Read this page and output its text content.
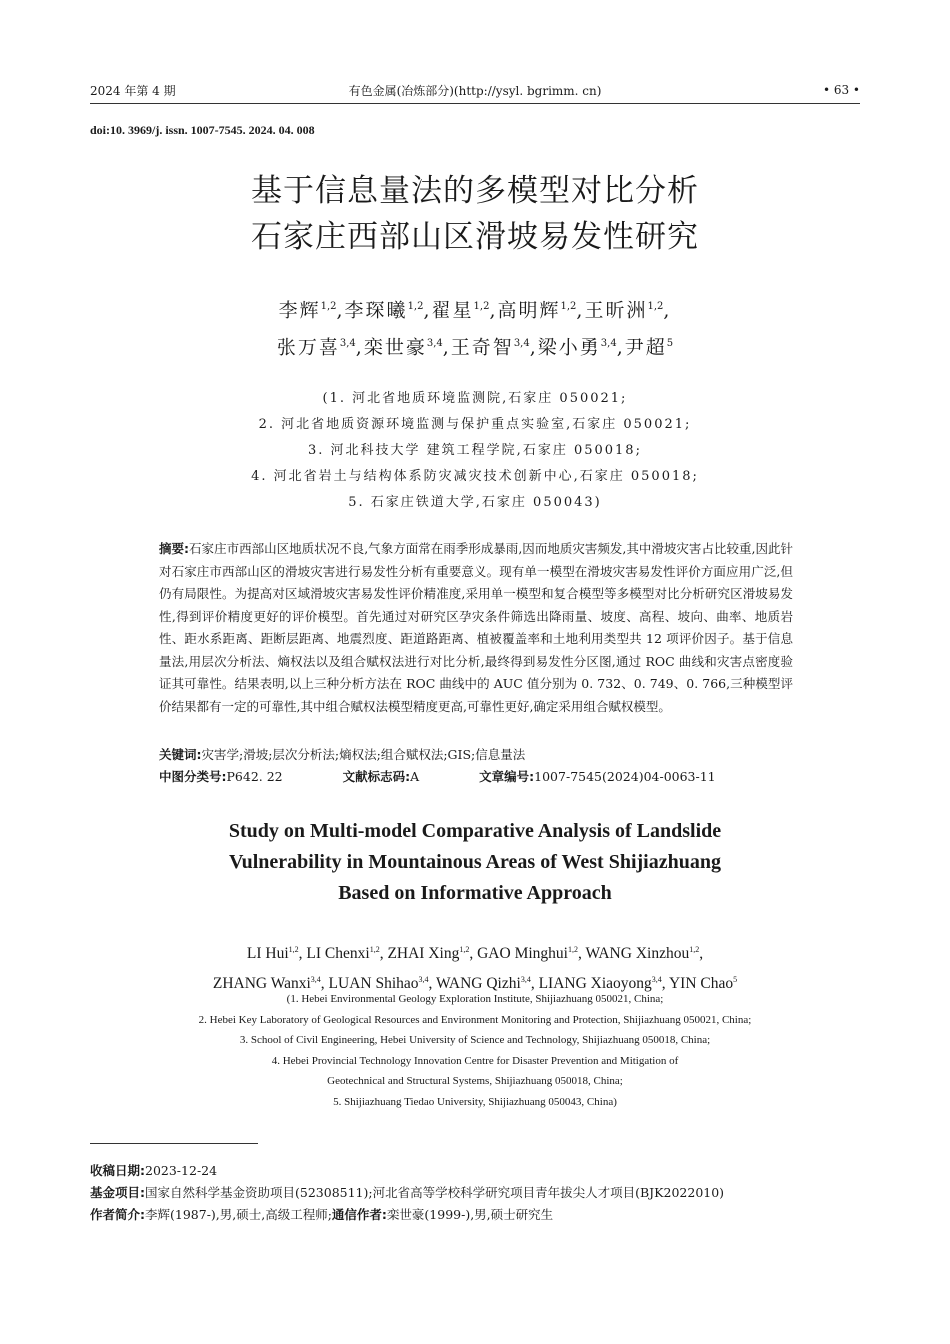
2024 年第 4 期	有色金属(冶炼部分)(http://ysyl. bgrimm. cn)	• 63 •
doi:10. 3969/j. issn. 1007-7545. 2024. 04. 008
基于信息量法的多模型对比分析
石家庄西部山区滑坡易发性研究
李辉$^{1,2}$,李琛曦$^{1,2}$,翟星$^{1,2}$,高明辉$^{1,2}$,王昕洲$^{1,2}$,
张万喜$^{3,4}$,栾世豪$^{3,4}$,王奇智$^{3,4}$,梁小勇$^{3,4}$,尹超$^5$
(1. 河北省地质环境监测院,石家庄 050021;
2. 河北省地质资源环境监测与保护重点实验室,石家庄 050021;
3. 河北科技大学 建筑工程学院,石家庄 050018;
4. 河北省岩土与结构体系防灾减灾技术创新中心,石家庄 050018;
5. 石家庄铁道大学,石家庄 050043)
摘要:石家庄市西部山区地质状况不良,气象方面常在雨季形成暴雨,因而地质灾害频发,其中滑坡灾害占比较重,因此针对石家庄市西部山区的滑坡灾害进行易发性分析有重要意义。现有单一模型在滑坡灾害易发性评价方面应用广泛,但仍有局限性。为提高对区域滑坡灾害易发性评价精准度,采用单一模型和复合模型等多模型对比分析研究区滑坡易发性,得到评价精度更好的评价模型。首先通过对研究区孕灾条件筛选出降雨量、坡度、高程、坡向、曲率、地质岩性、距水系距离、距断层距离、地震烈度、距道路距离、植被覆盖率和土地利用类型共 12 项评价因子。基于信息量法,用层次分析法、熵权法以及组合赋权法进行对比分析,最终得到易发性分区图,通过 ROC 曲线和灾害点密度验证其可靠性。结果表明,以上三种分析方法在 ROC 曲线中的 AUC 值分别为 0. 732、0. 749、0. 766,三种模型评价结果都有一定的可靠性,其中组合赋权法模型精度更高,可靠性更好,确定采用组合赋权模型。
关键词:灾害学;滑坡;层次分析法;熵权法;组合赋权法;GIS;信息量法
中图分类号:P642. 22	文献标志码:A	文章编号:1007-7545(2024)04-0063-11
Study on Multi-model Comparative Analysis of Landslide
Vulnerability in Mountainous Areas of West Shijiazhuang
Based on Informative Approach
LI Hui$^{1,2}$, LI Chenxi$^{1,2}$, ZHAI Xing$^{1,2}$, GAO Minghui$^{1,2}$, WANG Xinzhou$^{1,2}$,
ZHANG Wanxi$^{3,4}$, LUAN Shihao$^{3,4}$, WANG Qizhi$^{3,4}$, LIANG Xiaoyong$^{3,4}$, YIN Chao$^5$
(1. Hebei Environmental Geology Exploration Institute, Shijiazhuang 050021, China;
2. Hebei Key Laboratory of Geological Resources and Environment Monitoring and Protection, Shijiazhuang 050021, China;
3. School of Civil Engineering, Hebei University of Science and Technology, Shijiazhuang 050018, China;
4. Hebei Provincial Technology Innovation Centre for Disaster Prevention and Mitigation of
Geotechnical and Structural Systems, Shijiazhuang 050018, China;
5. Shijiazhuang Tiedao University, Shijiazhuang 050043, China)
收稿日期:2023-12-24
基金项目:国家自然科学基金资助项目(52308511);河北省高等学校科学研究项目青年拔尖人才项目(BJK2022010)
作者简介:李辉(1987-),男,硕士,高级工程师;通信作者:栾世豪(1999-),男,硕士研究生
